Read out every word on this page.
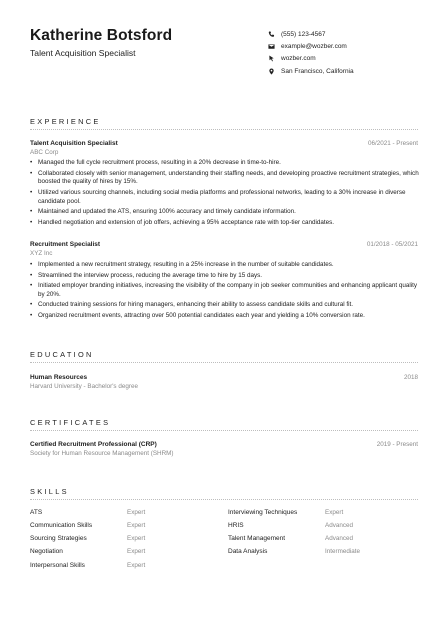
Katherine Botsford
Talent Acquisition Specialist
(555) 123-4567
example@wozber.com
wozber.com
San Francisco, California
EXPERIENCE
Talent Acquisition Specialist	06/2021 - Present
ABC Corp
• Managed the full cycle recruitment process, resulting in a 20% decrease in time-to-hire.
• Collaborated closely with senior management, understanding their staffing needs, and developing proactive recruitment strategies, which boosted the quality of hires by 15%.
• Utilized various sourcing channels, including social media platforms and professional networks, leading to a 30% increase in diverse candidate pool.
• Maintained and updated the ATS, ensuring 100% accuracy and timely candidate information.
• Handled negotiation and extension of job offers, achieving a 95% acceptance rate with top-tier candidates.
Recruitment Specialist	01/2018 - 05/2021
XYZ Inc
• Implemented a new recruitment strategy, resulting in a 25% increase in the number of suitable candidates.
• Streamlined the interview process, reducing the average time to hire by 15 days.
• Initiated employer branding initiatives, increasing the visibility of the company in job seeker communities and enhancing applicant quality by 20%.
• Conducted training sessions for hiring managers, enhancing their ability to assess candidate skills and cultural fit.
• Organized recruitment events, attracting over 500 potential candidates each year and yielding a 10% conversion rate.
EDUCATION
Human Resources	2018
Harvard University - Bachelor's degree
CERTIFICATES
Certified Recruitment Professional (CRP)	2019 - Present
Society for Human Resource Management (SHRM)
SKILLS
ATS	Expert	Interviewing Techniques	Expert
Communication Skills	Expert	HRIS	Advanced
Sourcing Strategies	Expert	Talent Management	Advanced
Negotiation	Expert	Data Analysis	Intermediate
Interpersonal Skills	Expert
